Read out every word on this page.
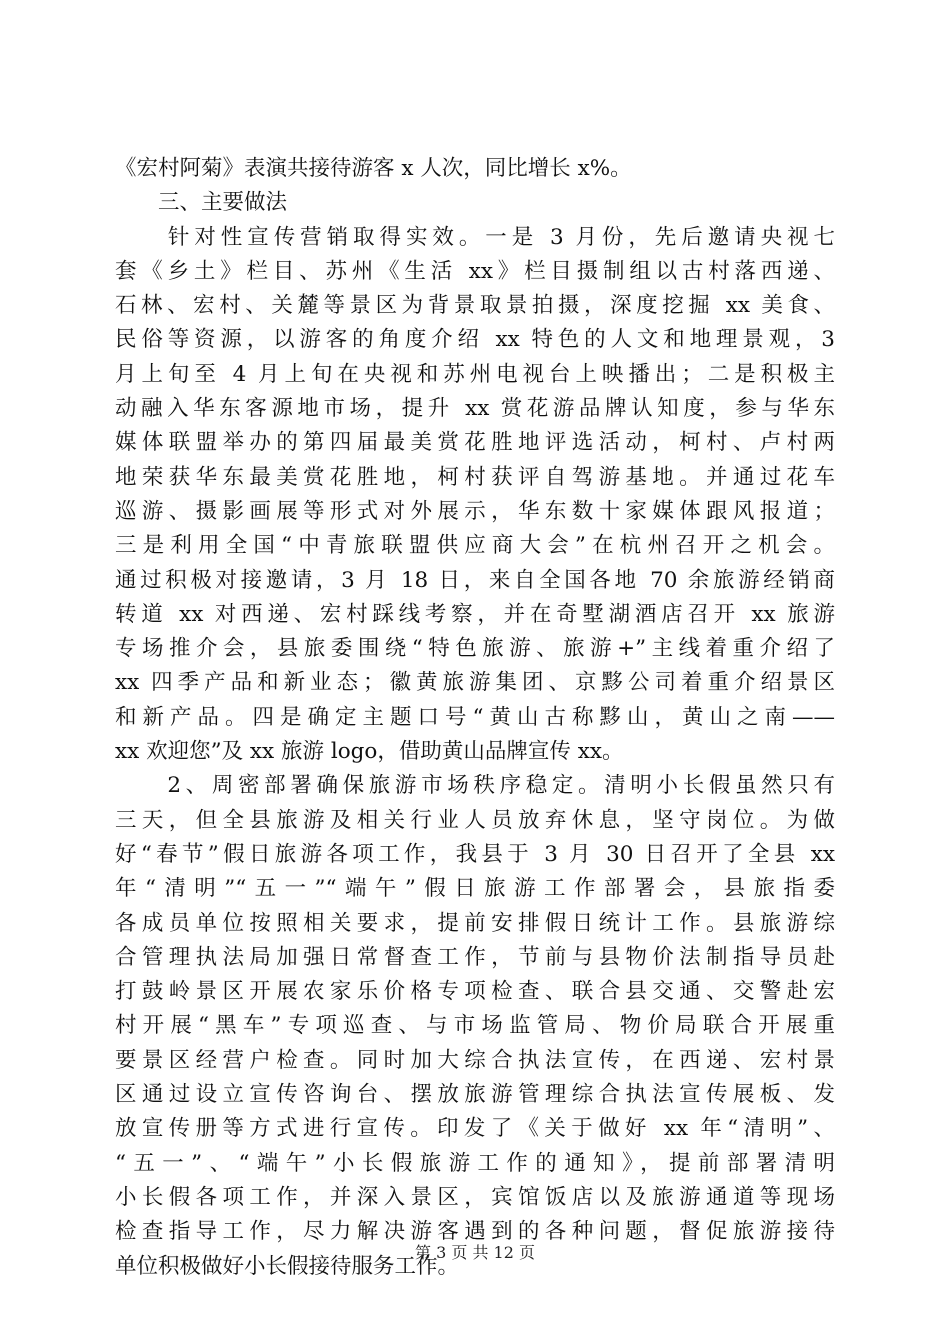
《宏村阿菊》表演共接待游客 x 人次，同比增长 x%。
　　三、主要做法
　　针对性宣传营销取得实效。一是 3 月份，先后邀请央视七
套《乡土》栏目、苏州《生活 xx》栏目摄制组以古村落西递、
石林、宏村、关麓等景区为背景取景拍摄，深度挖掘 xx 美食、
民俗等资源，以游客的角度介绍 xx 特色的人文和地理景观，3
月上旬至 4 月上旬在央视和苏州电视台上映播出；二是积极主
动融入华东客源地市场，提升 xx 赏花游品牌认知度，参与华东
媒体联盟举办的第四届最美赏花胜地评选活动，柯村、卢村两
地荣获华东最美赏花胜地，柯村获评自驾游基地。并通过花车
巡游、摄影画展等形式对外展示，华东数十家媒体跟风报道；
三是利用全国“中青旅联盟供应商大会”在杭州召开之机会。
通过积极对接邀请，3 月 18 日，来自全国各地 70 余旅游经销商
转道 xx 对西递、宏村踩线考察，并在奇墅湖酒店召开 xx 旅游
专场推介会，县旅委围绕“特色旅游、旅游+”主线着重介绍了
xx 四季产品和新业态；徽黄旅游集团、京黟公司着重介绍景区
和新产品。四是确定主题口号“黄山古称黟山，黄山之南——
xx 欢迎您”及 xx 旅游 logo，借助黄山品牌宣传 xx。
　　2、周密部署确保旅游市场秩序稳定。清明小长假虽然只有
三天，但全县旅游及相关行业人员放弃休息，坚守岗位。为做
好“春节”假日旅游各项工作，我县于 3 月 30 日召开了全县 xx
年“清明”“五一”“端午”假日旅游工作部署会，县旅指委
各成员单位按照相关要求，提前安排假日统计工作。县旅游综
合管理执法局加强日常督查工作，节前与县物价法制指导员赴
打鼓岭景区开展农家乐价格专项检查、联合县交通、交警赴宏
村开展“黑车”专项巡查、与市场监管局、物价局联合开展重
要景区经营户检查。同时加大综合执法宣传，在西递、宏村景
区通过设立宣传咨询台、摆放旅游管理综合执法宣传展板、发
放宣传册等方式进行宣传。印发了《关于做好 xx 年“清明”、
“五一”、“端午”小长假旅游工作的通知》，提前部署清明
小长假各项工作，并深入景区，宾馆饭店以及旅游通道等现场
检查指导工作，尽力解决游客遇到的各种问题，督促旅游接待
单位积极做好小长假接待服务工作。
第 3 页 共 12 页
